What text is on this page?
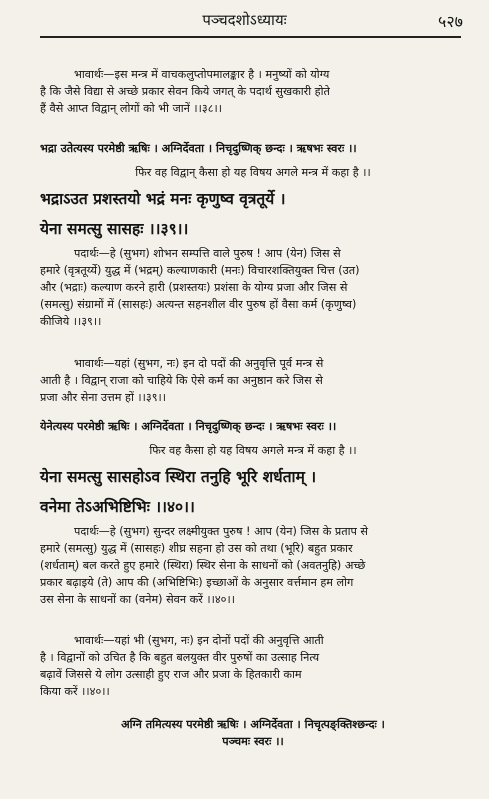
पञ्चदशोऽध्यायः	५२७
भावार्थः—इस मन्त्र में वाचकलुप्तोपमालङ्कार है । मनुष्यों को योग्य
है कि जैसे विद्या से अच्छे प्रकार सेवन किये जगत् के पदार्थ सुखकारी होते
हैं वैसे आप्त विद्वान् लोगों को भी जानें ।।३८।।
भद्रा उतेत्यस्य परमेष्ठी ऋषिः । अग्निर्देवता । निचृदुष्णिक् छन्दः । ऋषभः स्वरः ।।
फिर वह विद्वान् कैसा हो यह विषय अगले मन्त्र में कहा है ।।
भद्राऽउत प्रशस्तयो भद्रं मनः कृणुष्व वृत्रतूर्ये ।
येना समत्सु सासहः ।।३९।।
पदार्थः—हे (सुभग) शोभन सम्पत्ति वाले पुरुष ! आप (येन) जिस से
हमारे (वृत्रतूर्य्ये) युद्ध में (भद्रम्) कल्याणकारी (मनः) विचारशक्तियुक्त चित्त (उत)
और (भद्राः) कल्याण करने हारी (प्रशस्तयः) प्रशंसा के योग्य प्रजा और जिस से
(समत्सु) संग्रामों में (सासहः) अत्यन्त सहनशील वीर पुरुष हों वैसा कर्म (कृणुष्व)
कीजिये ।।३९।।
भावार्थः—यहां (सुभग, नः) इन दो पदों की अनुवृत्ति पूर्व मन्त्र से
आती है । विद्वान् राजा को चाहिये कि ऐसे कर्म का अनुष्ठान करे जिस से
प्रजा और सेना उत्तम हों ।।३९।।
येनेत्यस्य परमेष्ठी ऋषिः । अग्निर्देवता । निचृदुष्णिक् छन्दः । ऋषभः स्वरः ।।
फिर वह कैसा हो यह विषय अगले मन्त्र में कहा है ।।
येना समत्सु सासहोऽव स्थिरा तनुहि भूरि शर्धताम् ।
वनेमा तेऽअभिष्टिभिः ।।४०।।
पदार्थः—हे (सुभग) सुन्दर लक्ष्मीयुक्त पुरुष ! आप (येन) जिस के प्रताप से
हमारे (समत्सु) युद्ध में (सासहः) शीघ्र सहना हो उस को तथा (भूरि) बहुत प्रकार
(शर्धताम्) बल करते हुए हमारे (स्थिरा) स्थिर सेना के साधनों को (अवतनुहि) अच्छे
प्रकार बढ़ाइये (ते) आप की (अभिष्टिभिः) इच्छाओं के अनुसार वर्त्तमान हम लोग
उस सेना के साधनों का (वनेम) सेवन करें ।।४०।।
भावार्थः—यहां भी (सुभग, नः) इन दोनों पदों की अनुवृत्ति आती
है । विद्वानों को उचित है कि बहुत बलयुक्त वीर पुरुषों का उत्साह नित्य
बढ़ावें जिससे ये लोग उत्साही हुए राज और प्रजा के हितकारी काम
किया करें ।।४०।।
अग्नि तमित्यस्य परमेष्ठी ऋषिः । अग्निर्देवता । निचृत्पङ्क्तिश्छन्दः ।
पञ्चमः स्वरः ।।
